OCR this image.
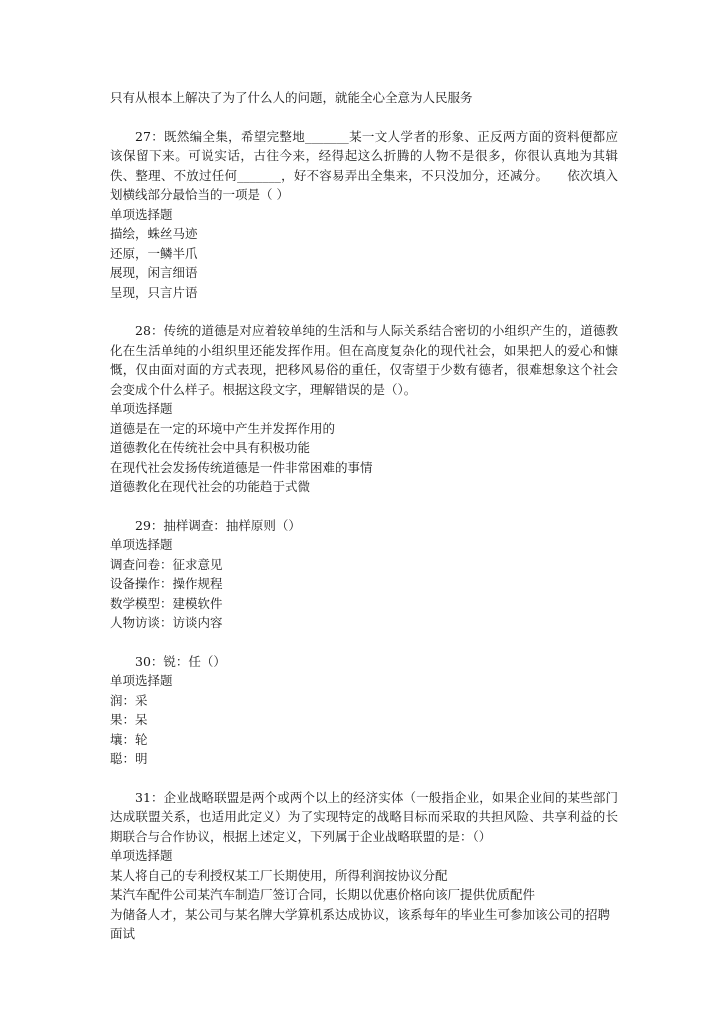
只有从根本上解决了为了什么人的问题，就能全心全意为人民服务

27：既然编全集，希望完整地_______某一文人学者的形象、正反两方面的资料便都应该保留下来。可说实话，古往今来，经得起这么折腾的人物不是很多，你很认真地为其辑佚、整理、不放过任何_______，好不容易弄出全集来，不只没加分，还减分。　　依次填入划横线部分最恰当的一项是（ ）

单项选择题

描绘，蛛丝马迹
还原，一鳞半爪
展现，闲言细语
呈现，只言片语

28：传统的道德是对应着较单纯的生活和与人际关系结合密切的小组织产生的，道德教化在生活单纯的小组织里还能发挥作用。但在高度复杂化的现代社会，如果把人的爱心和慷慨，仅由面对面的方式表现，把移风易俗的重任，仅寄望于少数有德者，很难想象这个社会会变成个什么样子。根据这段文字，理解错误的是（）。

单项选择题

道德是在一定的环境中产生并发挥作用的
道德教化在传统社会中具有积极功能
在现代社会发扬传统道德是一件非常困难的事情
道德教化在现代社会的功能趋于式微

29：抽样调查：抽样原则（）

单项选择题

调查问卷：征求意见
设备操作：操作规程
数学模型：建模软件
人物访谈：访谈内容

30：锐：任（）

单项选择题

润：采
果：呆
壤：轮
聪：明

31：企业战略联盟是两个或两个以上的经济实体（一般指企业，如果企业间的某些部门达成联盟关系，也适用此定义）为了实现特定的战略目标而采取的共担风险、共享利益的长期联合与合作协议，根据上述定义，下列属于企业战略联盟的是：（）

单项选择题

某人将自己的专利授权某工厂长期使用，所得利润按协议分配
某汽车配件公司某汽车制造厂签订合同，长期以优惠价格向该厂提供优质配件
为储备人才，某公司与某名牌大学算机系达成协议，该系每年的毕业生可参加该公司的招聘面试
